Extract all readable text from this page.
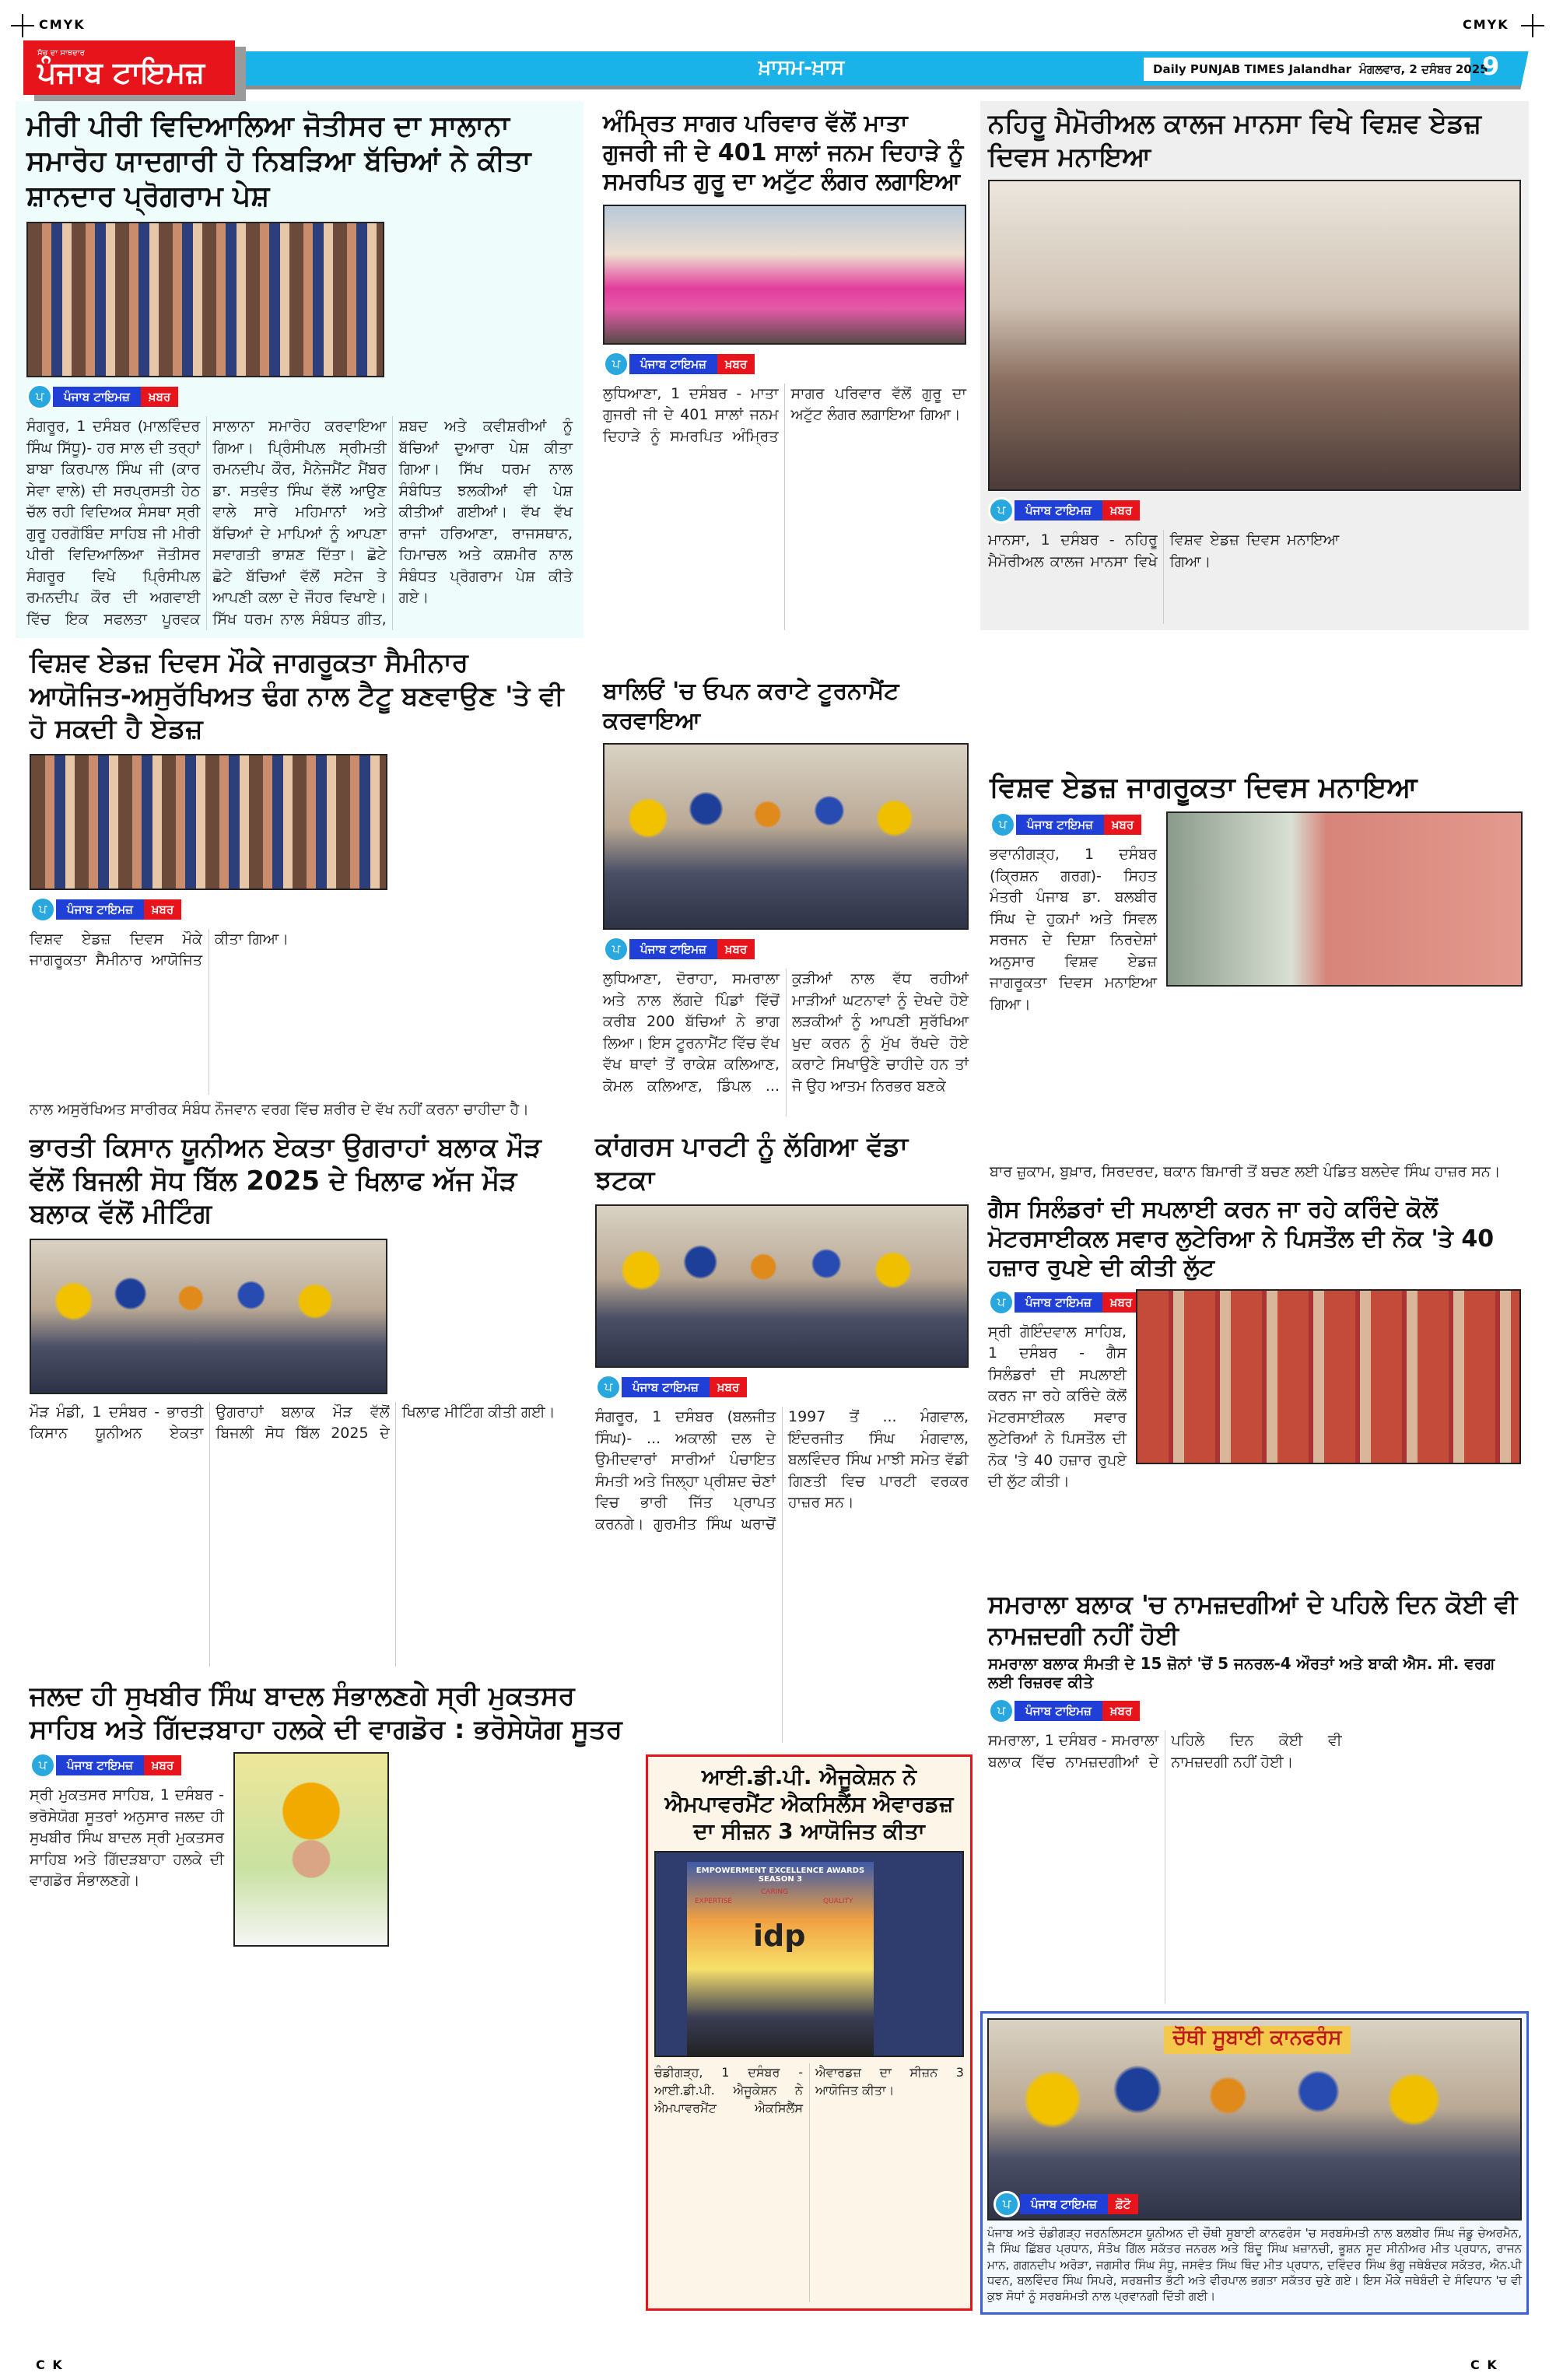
CMYK	CMYK
C K	C K
ਸੱਚ ਦਾ ਸਾਥਦਾਰ
ਪੰਜਾਬ ਟਾਇਮਜ਼	ਖ਼ਾਸਮ-ਖ਼ਾਸ	Daily PUNJAB TIMES Jalandhar ਮੰਗਲਵਾਰ, 2 ਦਸੰਬਰ 2025
9
ਮੀਰੀ ਪੀਰੀ ਵਿਦਿਆਲਿਆ ਜੋਤੀਸਰ ਦਾ ਸਾਲਾਨਾ ਸਮਾਰੋਹ ਯਾਦਗਾਰੀ ਹੋ ਨਿਬੜਿਆ ਬੱਚਿਆਂ ਨੇ ਕੀਤਾ ਸ਼ਾਨਦਾਰ ਪ੍ਰੋਗਰਾਮ ਪੇਸ਼
ਪ	ਪੰਜਾਬ ਟਾਇਮਜ਼	ਖ਼ਬਰ
ਸੰਗਰੂਰ, 1 ਦਸੰਬਰ (ਮਾਲਵਿੰਦਰ ਸਿੰਘ ਸਿੱਧੂ)- ਹਰ ਸਾਲ ਦੀ ਤਰ੍ਹਾਂ ਬਾਬਾ ਕਿਰਪਾਲ ਸਿੰਘ ਜੀ (ਕਾਰ ਸੇਵਾ ਵਾਲੇ) ਦੀ ਸਰਪ੍ਰਸਤੀ ਹੇਠ ਚੱਲ ਰਹੀ ਵਿਦਿਅਕ ਸੰਸਥਾ ਸ੍ਰੀ ਗੁਰੂ ਹਰਗੋਬਿੰਦ ਸਾਹਿਬ ਜੀ ਮੀਰੀ ਪੀਰੀ ਵਿਦਿਆਲਿਆ ਜੋਤੀਸਰ ਸੰਗਰੂਰ ਵਿਖੇ ਪ੍ਰਿੰਸੀਪਲ ਰਮਨਦੀਪ ਕੌਰ ਦੀ ਅਗਵਾਈ ਵਿੱਚ ਇਕ ਸਫਲਤਾ ਪੂਰਵਕ ਸਾਲਾਨਾ ਸਮਾਰੋਹ ਕਰਵਾਇਆ ਗਿਆ। ਪ੍ਰਿੰਸੀਪਲ ਸ੍ਰੀਮਤੀ ਰਮਨਦੀਪ ਕੌਰ, ਮੈਨੇਜਮੈਂਟ ਮੈਂਬਰ ਡਾ. ਸਤਵੰਤ ਸਿੰਘ ਵੱਲੋਂ ਆਉਣ ਵਾਲੇ ਸਾਰੇ ਮਹਿਮਾਨਾਂ ਅਤੇ ਬੱਚਿਆਂ ਦੇ ਮਾਪਿਆਂ ਨੂੰ ਆਪਣਾ ਸਵਾਗਤੀ ਭਾਸ਼ਣ ਦਿੱਤਾ। ਛੋਟੇ ਛੋਟੇ ਬੱਚਿਆਂ ਵੱਲੋਂ ਸਟੇਜ ਤੇ ਆਪਣੀ ਕਲਾ ਦੇ ਜੌਹਰ ਵਿਖਾਏ। ਸਿੱਖ ਧਰਮ ਨਾਲ ਸੰਬੰਧਤ ਗੀਤ, ਸ਼ਬਦ ਅਤੇ ਕਵੀਸ਼ਰੀਆਂ ਨੂੰ ਬੱਚਿਆਂ ਦੁਆਰਾ ਪੇਸ਼ ਕੀਤਾ ਗਿਆ। ਸਿੱਖ ਧਰਮ ਨਾਲ ਸੰਬੰਧਿਤ ਝਲਕੀਆਂ ਵੀ ਪੇਸ਼ ਕੀਤੀਆਂ ਗਈਆਂ। ਵੱਖ ਵੱਖ ਰਾਜਾਂ ਹਰਿਆਣਾ, ਰਾਜਸਥਾਨ, ਹਿਮਾਚਲ ਅਤੇ ਕਸ਼ਮੀਰ ਨਾਲ ਸੰਬੰਧਤ ਪ੍ਰੋਗਰਾਮ ਪੇਸ਼ ਕੀਤੇ ਗਏ।
ਅੰਮ੍ਰਿਤ ਸਾਗਰ ਪਰਿਵਾਰ ਵੱਲੋਂ ਮਾਤਾ ਗੁਜਰੀ ਜੀ ਦੇ 401 ਸਾਲਾਂ ਜਨਮ ਦਿਹਾੜੇ ਨੂੰ ਸਮਰਪਿਤ ਗੁਰੂ ਦਾ ਅਟੁੱਟ ਲੰਗਰ ਲਗਾਇਆ
ਪ	ਪੰਜਾਬ ਟਾਇਮਜ਼	ਖ਼ਬਰ
ਲੁਧਿਆਣਾ, 1 ਦਸੰਬਰ - ਮਾਤਾ ਗੁਜਰੀ ਜੀ ਦੇ 401 ਸਾਲਾਂ ਜਨਮ ਦਿਹਾੜੇ ਨੂੰ ਸਮਰਪਿਤ ਅੰਮ੍ਰਿਤ ਸਾਗਰ ਪਰਿਵਾਰ ਵੱਲੋਂ ਗੁਰੂ ਦਾ ਅਟੁੱਟ ਲੰਗਰ ਲਗਾਇਆ ਗਿਆ।
ਨਹਿਰੂ ਮੈਮੋਰੀਅਲ ਕਾਲਜ ਮਾਨਸਾ ਵਿਖੇ ਵਿਸ਼ਵ ਏਡਜ਼ ਦਿਵਸ ਮਨਾਇਆ
ਪ	ਪੰਜਾਬ ਟਾਇਮਜ਼	ਖ਼ਬਰ
ਮਾਨਸਾ, 1 ਦਸੰਬਰ - ਨਹਿਰੂ ਮੈਮੋਰੀਅਲ ਕਾਲਜ ਮਾਨਸਾ ਵਿਖੇ ਵਿਸ਼ਵ ਏਡਜ਼ ਦਿਵਸ ਮਨਾਇਆ ਗਿਆ।
ਵਿਸ਼ਵ ਏਡਜ਼ ਦਿਵਸ ਮੌਕੇ ਜਾਗਰੂਕਤਾ ਸੈਮੀਨਾਰ ਆਯੋਜਿਤ-ਅਸੁਰੱਖਿਅਤ ਢੰਗ ਨਾਲ ਟੈਟੂ ਬਣਵਾਉਣ 'ਤੇ ਵੀ ਹੋ ਸਕਦੀ ਹੈ ਏਡਜ਼
ਪ	ਪੰਜਾਬ ਟਾਇਮਜ਼	ਖ਼ਬਰ
ਵਿਸ਼ਵ ਏਡਜ਼ ਦਿਵਸ ਮੌਕੇ ਜਾਗਰੂਕਤਾ ਸੈਮੀਨਾਰ ਆਯੋਜਿਤ ਕੀਤਾ ਗਿਆ।
ਨਾਲ ਅਸੁਰੱਖਿਅਤ ਸਾਰੀਰਕ ਸੰਬੰਧ ਨੌਜਵਾਨ ਵਰਗ ਵਿੱਚ ਸ਼ਰੀਰ ਦੇ ਵੱਖ ਨਹੀਂ ਕਰਨਾ ਚਾਹੀਦਾ ਹੈ।
ਬਾਲਿਓਂ 'ਚ ਓਪਨ ਕਰਾਟੇ ਟੂਰਨਾਮੈਂਟ ਕਰਵਾਇਆ
ਪ	ਪੰਜਾਬ ਟਾਇਮਜ਼	ਖ਼ਬਰ
ਲੁਧਿਆਣਾ, ਦੋਰਾਹਾ, ਸਮਰਾਲਾ ਅਤੇ ਨਾਲ ਲੱਗਦੇ ਪਿੰਡਾਂ ਵਿੱਚੋਂ ਕਰੀਬ 200 ਬੱਚਿਆਂ ਨੇ ਭਾਗ ਲਿਆ। ਇਸ ਟੂਰਨਾਮੈਂਟ ਵਿੱਚ ਵੱਖ ਵੱਖ ਥਾਵਾਂ ਤੋਂ ਰਾਕੇਸ਼ ਕਲਿਆਣ, ਕੋਮਲ ਕਲਿਆਣ, ਡਿੰਪਲ ... ਕੁੜੀਆਂ ਨਾਲ ਵੱਧ ਰਹੀਆਂ ਮਾੜੀਆਂ ਘਟਨਾਵਾਂ ਨੂੰ ਦੇਖਦੇ ਹੋਏ ਲੜਕੀਆਂ ਨੂੰ ਆਪਣੀ ਸੁਰੱਖਿਆ ਖੁਦ ਕਰਨ ਨੂੰ ਮੁੱਖ ਰੱਖਦੇ ਹੋਏ ਕਰਾਟੇ ਸਿਖਾਉਣੇ ਚਾਹੀਦੇ ਹਨ ਤਾਂ ਜੋ ਉਹ ਆਤਮ ਨਿਰਭਰ ਬਣਕੇ
ਵਿਸ਼ਵ ਏਡਜ਼ ਜਾਗਰੂਕਤਾ ਦਿਵਸ ਮਨਾਇਆ
ਪ	ਪੰਜਾਬ ਟਾਇਮਜ਼	ਖ਼ਬਰ
ਭਵਾਨੀਗੜ੍ਹ, 1 ਦਸੰਬਰ (ਕ੍ਰਿਸ਼ਨ ਗਰਗ)- ਸਿਹਤ ਮੰਤਰੀ ਪੰਜਾਬ ਡਾ. ਬਲਬੀਰ ਸਿੰਘ ਦੇ ਹੁਕਮਾਂ ਅਤੇ ਸਿਵਲ ਸਰਜਨ ਦੇ ਦਿਸ਼ਾ ਨਿਰਦੇਸ਼ਾਂ ਅਨੁਸਾਰ ਵਿਸ਼ਵ ਏਡਜ਼ ਜਾਗਰੂਕਤਾ ਦਿਵਸ ਮਨਾਇਆ ਗਿਆ।
ਬਾਰ ਜ਼ੁਕਾਮ, ਬੁਖ਼ਾਰ, ਸਿਰਦਰਦ, ਥਕਾਨ ਬਿਮਾਰੀ ਤੋਂ ਬਚਣ ਲਈ ਪੰਡਿਤ ਬਲਦੇਵ ਸਿੰਘ ਹਾਜ਼ਰ ਸਨ।
ਭਾਰਤੀ ਕਿਸਾਨ ਯੂਨੀਅਨ ਏਕਤਾ ਉਗਰਾਹਾਂ ਬਲਾਕ ਮੌੜ ਵੱਲੋਂ ਬਿਜਲੀ ਸੋਧ ਬਿੱਲ 2025 ਦੇ ਖਿਲਾਫ ਅੱਜ ਮੌੜ ਬਲਾਕ ਵੱਲੋਂ ਮੀਟਿੰਗ
ਮੌੜ ਮੰਡੀ, 1 ਦਸੰਬਰ - ਭਾਰਤੀ ਕਿਸਾਨ ਯੂਨੀਅਨ ਏਕਤਾ ਉਗਰਾਹਾਂ ਬਲਾਕ ਮੌੜ ਵੱਲੋਂ ਬਿਜਲੀ ਸੋਧ ਬਿੱਲ 2025 ਦੇ ਖਿਲਾਫ ਮੀਟਿੰਗ ਕੀਤੀ ਗਈ।
ਕਾਂਗਰਸ ਪਾਰਟੀ ਨੂੰ ਲੱਗਿਆ ਵੱਡਾ ਝਟਕਾ
ਪ	ਪੰਜਾਬ ਟਾਇਮਜ਼	ਖ਼ਬਰ
ਸੰਗਰੂਰ, 1 ਦਸੰਬਰ (ਬਲਜੀਤ ਸਿੰਘ)- ... ਅਕਾਲੀ ਦਲ ਦੇ ਉਮੀਦਵਾਰਾਂ ਸਾਰੀਆਂ ਪੰਚਾਇਤ ਸੰਮਤੀ ਅਤੇ ਜਿਲ੍ਹਾ ਪ੍ਰੀਸ਼ਦ ਚੋਣਾਂ ਵਿਚ ਭਾਰੀ ਜਿੱਤ ਪ੍ਰਾਪਤ ਕਰਨਗੇ। ਗੁਰਮੀਤ ਸਿੰਘ ਘਰਾਚੋਂ 1997 ਤੋਂ ... ਮੰਗਵਾਲ, ਇੰਦਰਜੀਤ ਸਿੰਘ ਮੰਗਵਾਲ, ਬਲਵਿੰਦਰ ਸਿੰਘ ਮਾਝੀ ਸਮੇਤ ਵੱਡੀ ਗਿਣਤੀ ਵਿਚ ਪਾਰਟੀ ਵਰਕਰ ਹਾਜ਼ਰ ਸਨ।
ਗੈਸ ਸਿਲੰਡਰਾਂ ਦੀ ਸਪਲਾਈ ਕਰਨ ਜਾ ਰਹੇ ਕਰਿੰਦੇ ਕੋਲੋਂ ਮੋਟਰਸਾਈਕਲ ਸਵਾਰ ਲੁਟੇਰਿਆ ਨੇ ਪਿਸਤੌਲ ਦੀ ਨੋਕ 'ਤੇ 40 ਹਜ਼ਾਰ ਰੁਪਏ ਦੀ ਕੀਤੀ ਲੁੱਟ
ਪ	ਪੰਜਾਬ ਟਾਇਮਜ਼	ਖ਼ਬਰ
ਸ੍ਰੀ ਗੋਇੰਦਵਾਲ ਸਾਹਿਬ, 1 ਦਸੰਬਰ - ਗੈਸ ਸਿਲੰਡਰਾਂ ਦੀ ਸਪਲਾਈ ਕਰਨ ਜਾ ਰਹੇ ਕਰਿੰਦੇ ਕੋਲੋਂ ਮੋਟਰਸਾਈਕਲ ਸਵਾਰ ਲੁਟੇਰਿਆਂ ਨੇ ਪਿਸਤੌਲ ਦੀ ਨੋਕ 'ਤੇ 40 ਹਜ਼ਾਰ ਰੁਪਏ ਦੀ ਲੁੱਟ ਕੀਤੀ।
ਜਲਦ ਹੀ ਸੁਖਬੀਰ ਸਿੰਘ ਬਾਦਲ ਸੰਭਾਲਣਗੇ ਸ੍ਰੀ ਮੁਕਤਸਰ ਸਾਹਿਬ ਅਤੇ ਗਿੱਦੜਬਾਹਾ ਹਲਕੇ ਦੀ ਵਾਗਡੋਰ : ਭਰੋਸੇਯੋਗ ਸੂਤਰ
ਪ	ਪੰਜਾਬ ਟਾਇਮਜ਼	ਖ਼ਬਰ
ਸ੍ਰੀ ਮੁਕਤਸਰ ਸਾਹਿਬ, 1 ਦਸੰਬਰ - ਭਰੋਸੇਯੋਗ ਸੂਤਰਾਂ ਅਨੁਸਾਰ ਜਲਦ ਹੀ ਸੁਖਬੀਰ ਸਿੰਘ ਬਾਦਲ ਸ੍ਰੀ ਮੁਕਤਸਰ ਸਾਹਿਬ ਅਤੇ ਗਿੱਦੜਬਾਹਾ ਹਲਕੇ ਦੀ ਵਾਗਡੋਰ ਸੰਭਾਲਣਗੇ।
ਆਈ.ਡੀ.ਪੀ. ਐਜੂਕੇਸ਼ਨ ਨੇ ਐਮਪਾਵਰਮੈਂਟ ਐਕਸਿਲੈਂਸ ਐਵਾਰਡਜ਼ ਦਾ ਸੀਜ਼ਨ 3 ਆਯੋਜਿਤ ਕੀਤਾ
EMPOWERMENT EXCELLENCE AWARDS SEASON 3
EXPERTISE
CARING
QUALITY
idp
ਚੰਡੀਗੜ੍ਹ, 1 ਦਸੰਬਰ - ਆਈ.ਡੀ.ਪੀ. ਐਜੂਕੇਸ਼ਨ ਨੇ ਐਮਪਾਵਰਮੈਂਟ ਐਕਸਿਲੈਂਸ ਐਵਾਰਡਜ਼ ਦਾ ਸੀਜ਼ਨ 3 ਆਯੋਜਿਤ ਕੀਤਾ।
ਸਮਰਾਲਾ ਬਲਾਕ 'ਚ ਨਾਮਜ਼ਦਗੀਆਂ ਦੇ ਪਹਿਲੇ ਦਿਨ ਕੋਈ ਵੀ ਨਾਮਜ਼ਦਗੀ ਨਹੀਂ ਹੋਈ
ਸਮਰਾਲਾ ਬਲਾਕ ਸੰਮਤੀ ਦੇ 15 ਜ਼ੋਨਾਂ 'ਚੋਂ 5 ਜਨਰਲ-4 ਔਰਤਾਂ ਅਤੇ ਬਾਕੀ ਐਸ. ਸੀ. ਵਰਗ ਲਈ ਰਿਜ਼ਰਵ ਕੀਤੇ
ਪ	ਪੰਜਾਬ ਟਾਇਮਜ਼	ਖ਼ਬਰ
ਸਮਰਾਲਾ, 1 ਦਸੰਬਰ - ਸਮਰਾਲਾ ਬਲਾਕ ਵਿੱਚ ਨਾਮਜ਼ਦਗੀਆਂ ਦੇ ਪਹਿਲੇ ਦਿਨ ਕੋਈ ਵੀ ਨਾਮਜ਼ਦਗੀ ਨਹੀਂ ਹੋਈ।
ਚੌਥੀ ਸੂਬਾਈ ਕਾਨਫਰੰਸ
ਪ	ਪੰਜਾਬ ਟਾਇਮਜ਼	ਫ਼ੋਟੋ
ਪੰਜਾਬ ਅਤੇ ਚੰਡੀਗੜ੍ਹ ਜਰਨਲਿਸਟਸ ਯੂਨੀਅਨ ਦੀ ਚੌਥੀ ਸੂਬਾਈ ਕਾਨਫਰੰਸ 'ਚ ਸਰਬਸੰਮਤੀ ਨਾਲ ਬਲਬੀਰ ਸਿੰਘ ਜੰਡੂ ਚੇਅਰਮੈਨ, ਜੈ ਸਿੰਘ ਛਿੱਬਰ ਪ੍ਰਧਾਨ, ਸੰਤੋਖ ਗਿੱਲ ਸਕੱਤਰ ਜਨਰਲ ਅਤੇ ਬਿੰਦੂ ਸਿੰਘ ਖ਼ਜ਼ਾਨਚੀ, ਭੂਸ਼ਨ ਸੂਦ ਸੀਨੀਅਰ ਮੀਤ ਪ੍ਰਧਾਨ, ਰਾਜਨ ਮਾਨ, ਗਗਨਦੀਪ ਅਰੋੜਾ, ਜਗਸੀਰ ਸਿੰਘ ਸੰਧੂ, ਜਸਵੰਤ ਸਿੰਘ ਥਿੰਦ ਮੀਤ ਪ੍ਰਧਾਨ, ਦਵਿੰਦਰ ਸਿੰਘ ਭੰਗੂ ਜਥੇਬੰਦਕ ਸਕੱਤਰ, ਐਨ.ਪੀ ਧਵਨ, ਬਲਵਿੰਦਰ ਸਿੰਘ ਸਿਪਰੇ, ਸਰਬਜੀਤ ਭੱਟੀ ਅਤੇ ਵੀਰਪਾਲ ਭਗਤਾ ਸਕੱਤਰ ਚੁਣੇ ਗਏ। ਇਸ ਮੌਕੇ ਜਥੇਬੰਦੀ ਦੇ ਸੰਵਿਧਾਨ 'ਚ ਵੀ ਕੁਝ ਸੋਧਾਂ ਨੂੰ ਸਰਬਸੰਮਤੀ ਨਾਲ ਪ੍ਰਵਾਨਗੀ ਦਿੱਤੀ ਗਈ।
